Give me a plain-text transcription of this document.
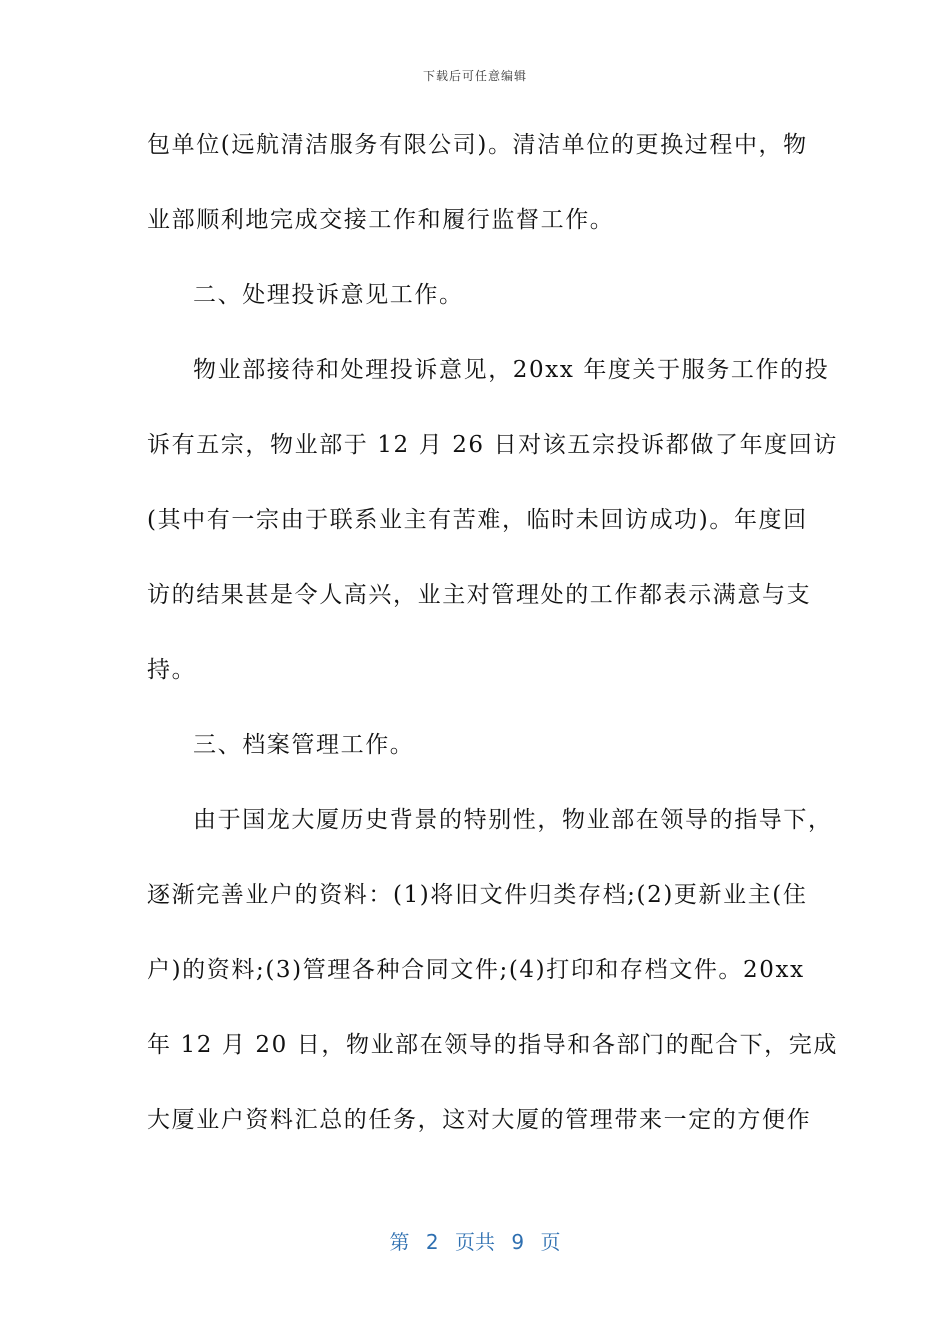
下载后可任意编辑
包单位(远航清洁服务有限公司)。清洁单位的更换过程中，物
业部顺利地完成交接工作和履行监督工作。
二、处理投诉意见工作。
物业部接待和处理投诉意见，20xx 年度关于服务工作的投
诉有五宗，物业部于 12 月 26 日对该五宗投诉都做了年度回访
(其中有一宗由于联系业主有苦难，临时未回访成功)。年度回
访的结果甚是令人高兴，业主对管理处的工作都表示满意与支
持。
三、档案管理工作。
由于国龙大厦历史背景的特别性，物业部在领导的指导下，
逐渐完善业户的资料：(1)将旧文件归类存档;(2)更新业主(住
户)的资料;(3)管理各种合同文件;(4)打印和存档文件。20xx
年 12 月 20 日，物业部在领导的指导和各部门的配合下，完成
大厦业户资料汇总的任务，这对大厦的管理带来一定的方便作
第 2 页共 9 页
